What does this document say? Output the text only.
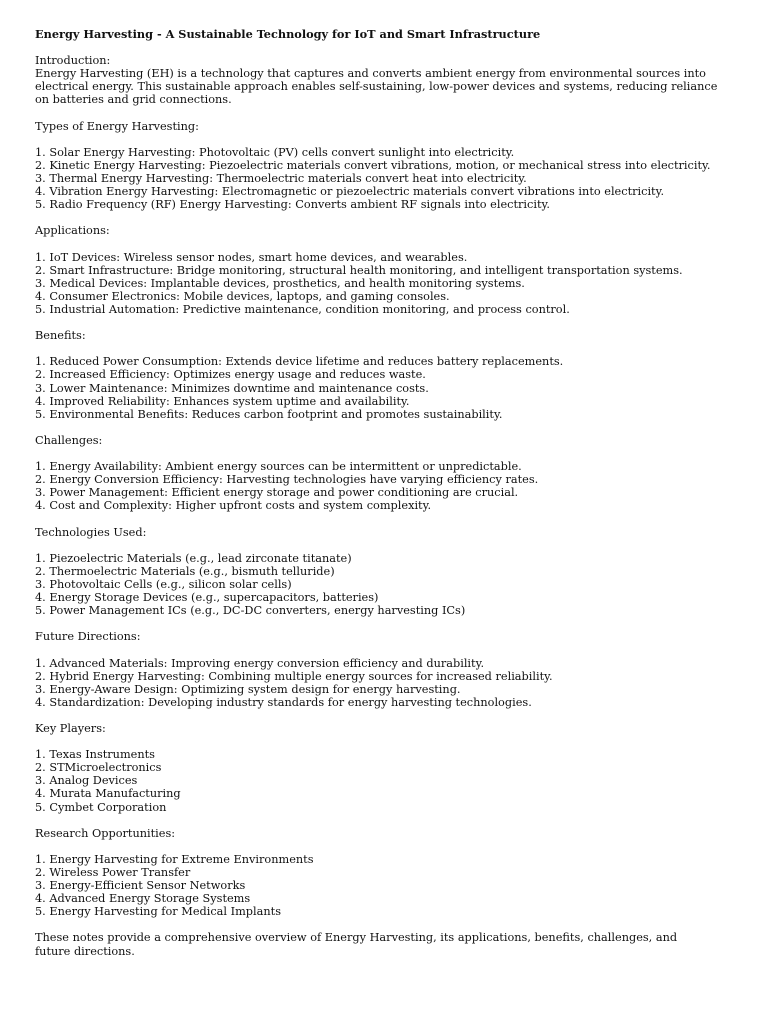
Energy Harvesting - A Sustainable Technology for IoT and Smart Infrastructure
Introduction:
Energy Harvesting (EH) is a technology that captures and converts ambient energy from environmental sources into
electrical energy. This sustainable approach enables self-sustaining, low-power devices and systems, reducing reliance
on batteries and grid connections.
Types of Energy Harvesting:
1. Solar Energy Harvesting: Photovoltaic (PV) cells convert sunlight into electricity.
2. Kinetic Energy Harvesting: Piezoelectric materials convert vibrations, motion, or mechanical stress into electricity.
3. Thermal Energy Harvesting: Thermoelectric materials convert heat into electricity.
4. Vibration Energy Harvesting: Electromagnetic or piezoelectric materials convert vibrations into electricity.
5. Radio Frequency (RF) Energy Harvesting: Converts ambient RF signals into electricity.
Applications:
1. IoT Devices: Wireless sensor nodes, smart home devices, and wearables.
2. Smart Infrastructure: Bridge monitoring, structural health monitoring, and intelligent transportation systems.
3. Medical Devices: Implantable devices, prosthetics, and health monitoring systems.
4. Consumer Electronics: Mobile devices, laptops, and gaming consoles.
5. Industrial Automation: Predictive maintenance, condition monitoring, and process control.
Benefits:
1. Reduced Power Consumption: Extends device lifetime and reduces battery replacements.
2. Increased Efficiency: Optimizes energy usage and reduces waste.
3. Lower Maintenance: Minimizes downtime and maintenance costs.
4. Improved Reliability: Enhances system uptime and availability.
5. Environmental Benefits: Reduces carbon footprint and promotes sustainability.
Challenges:
1. Energy Availability: Ambient energy sources can be intermittent or unpredictable.
2. Energy Conversion Efficiency: Harvesting technologies have varying efficiency rates.
3. Power Management: Efficient energy storage and power conditioning are crucial.
4. Cost and Complexity: Higher upfront costs and system complexity.
Technologies Used:
1. Piezoelectric Materials (e.g., lead zirconate titanate)
2. Thermoelectric Materials (e.g., bismuth telluride)
3. Photovoltaic Cells (e.g., silicon solar cells)
4. Energy Storage Devices (e.g., supercapacitors, batteries)
5. Power Management ICs (e.g., DC-DC converters, energy harvesting ICs)
Future Directions:
1. Advanced Materials: Improving energy conversion efficiency and durability.
2. Hybrid Energy Harvesting: Combining multiple energy sources for increased reliability.
3. Energy-Aware Design: Optimizing system design for energy harvesting.
4. Standardization: Developing industry standards for energy harvesting technologies.
Key Players:
1. Texas Instruments
2. STMicroelectronics
3. Analog Devices
4. Murata Manufacturing
5. Cymbet Corporation
Research Opportunities:
1. Energy Harvesting for Extreme Environments
2. Wireless Power Transfer
3. Energy-Efficient Sensor Networks
4. Advanced Energy Storage Systems
5. Energy Harvesting for Medical Implants
These notes provide a comprehensive overview of Energy Harvesting, its applications, benefits, challenges, and
future directions.
